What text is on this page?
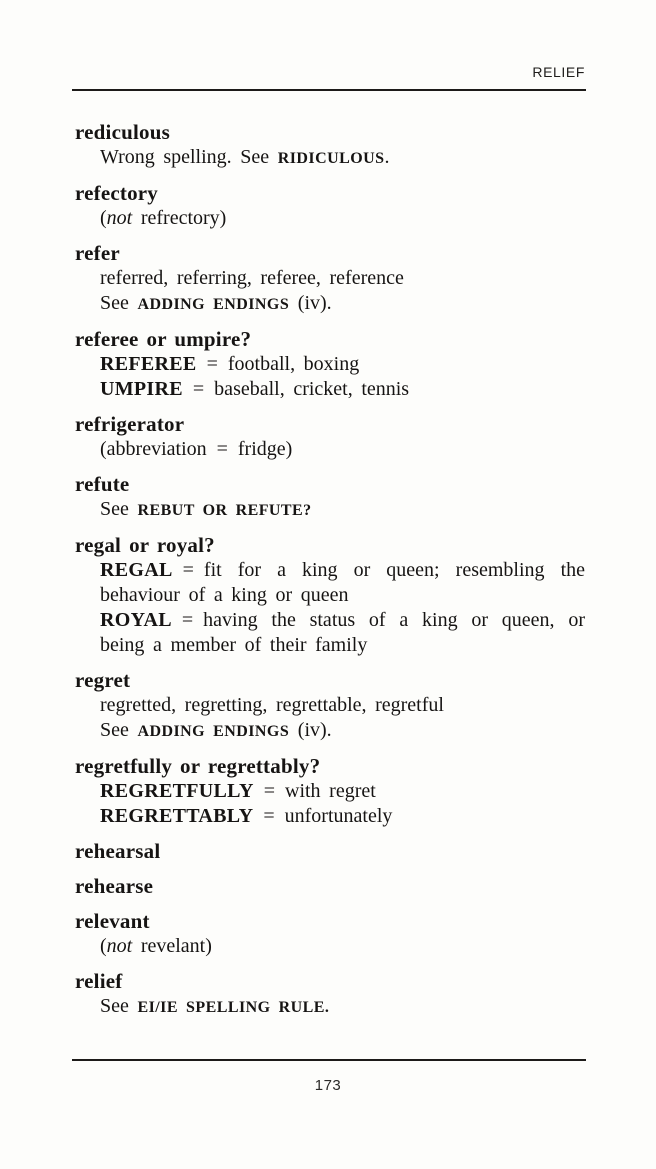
RELIEF
rediculous
Wrong spelling. See RIDICULOUS.
refectory
(not refrectory)
refer
referred, referring, referee, reference
See ADDING ENDINGS (iv).
referee or umpire?
REFEREE = football, boxing
UMPIRE = baseball, cricket, tennis
refrigerator
(abbreviation = fridge)
refute
See REBUT OR REFUTE?
regal or royal?
REGAL = fit for a king or queen; resembling the
behaviour of a king or queen
ROYAL = having the status of a king or queen, or
being a member of their family
regret
regretted, regretting, regrettable, regretful
See ADDING ENDINGS (iv).
regretfully or regrettably?
REGRETFULLY = with regret
REGRETTABLY = unfortunately
rehearsal
rehearse
relevant
(not revelant)
relief
See EI/IE SPELLING RULE.
173
